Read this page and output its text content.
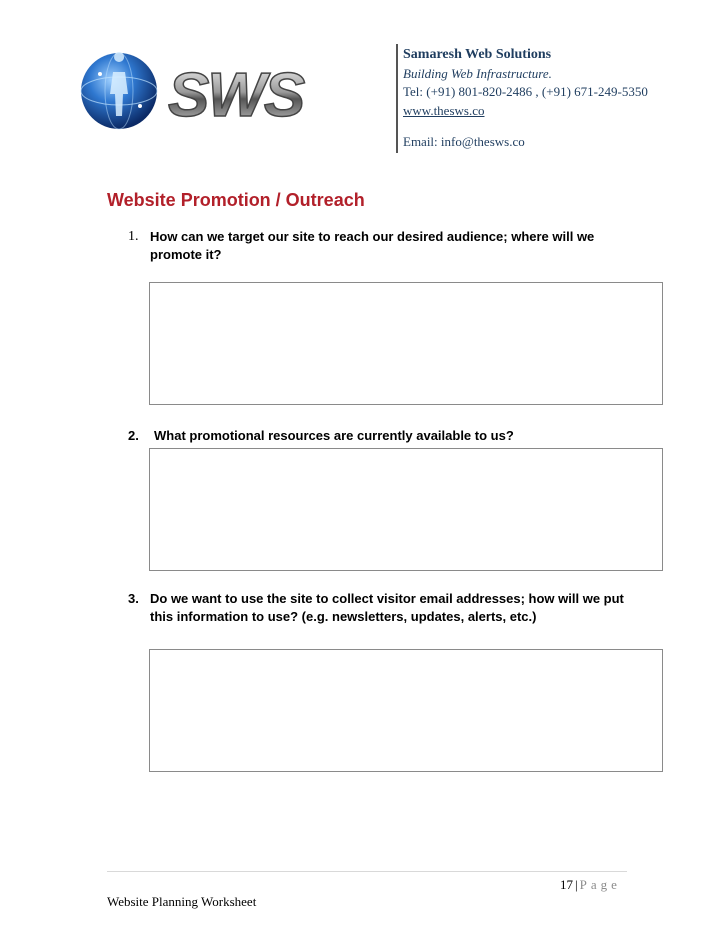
SWS
Samaresh Web Solutions
Building Web Infrastructure.
Tel: (+91) 801-820-2486 , (+91) 671-249-5350
www.thesws.co
Email: info@thesws.co
Website Promotion / Outreach
1. How can we target our site to reach our desired audience; where will we promote it?
2. What promotional resources are currently available to us?
3. Do we want to use the site to collect visitor email addresses; how will we put this information to use? (e.g. newsletters, updates, alerts, etc.)
17 | Page
Website Planning Worksheet
